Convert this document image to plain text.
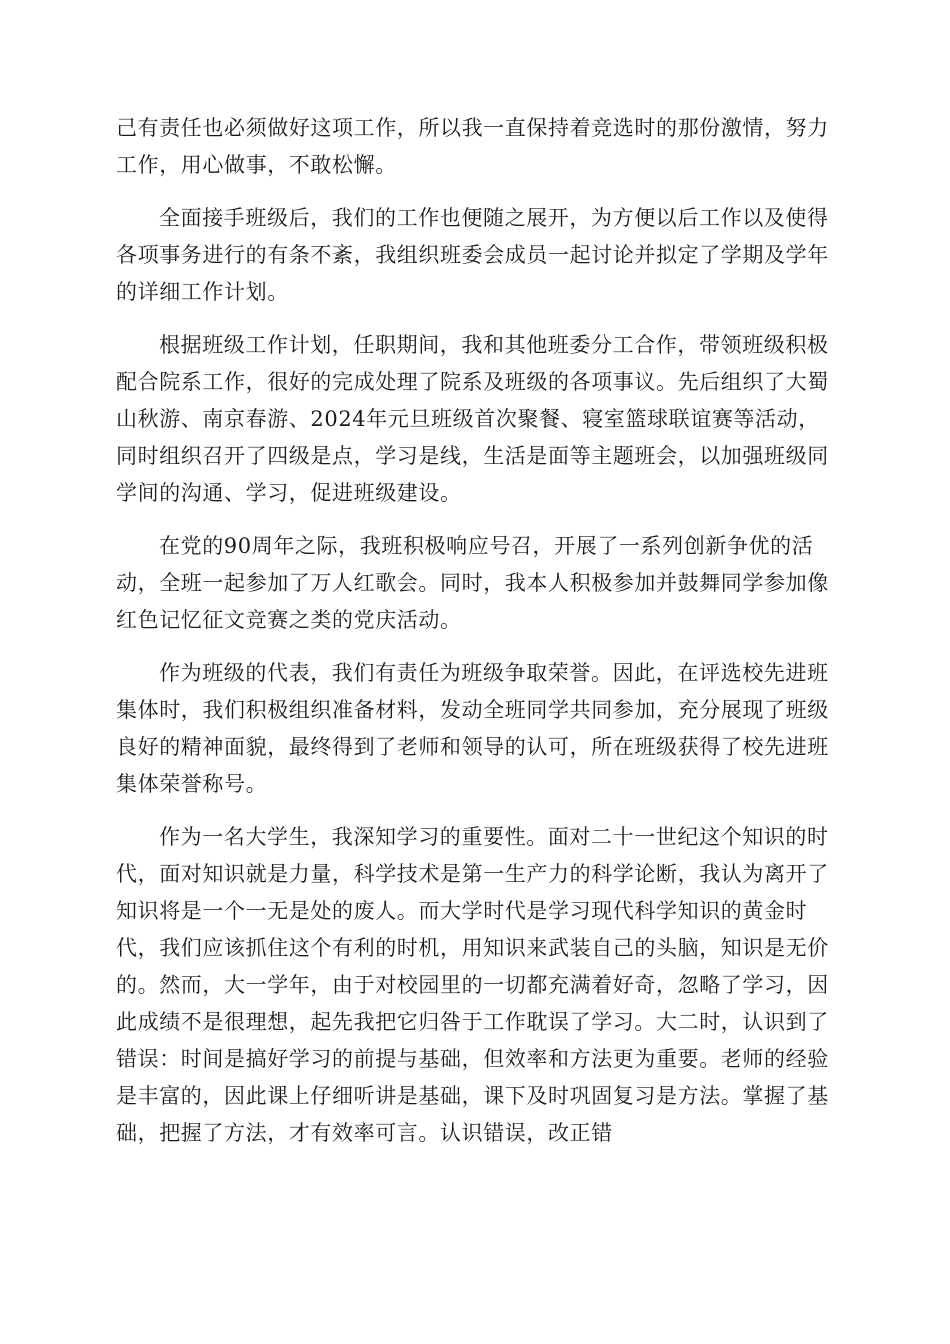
己有责任也必须做好这项工作，所以我一直保持着竞选时的那份激情，努力工作，用心做事，不敢松懈。

全面接手班级后，我们的工作也便随之展开，为方便以后工作以及使得各项事务进行的有条不紊，我组织班委会成员一起讨论并拟定了学期及学年的详细工作计划。

根据班级工作计划，任职期间，我和其他班委分工合作，带领班级积极配合院系工作，很好的完成处理了院系及班级的各项事议。先后组织了大蜀山秋游、南京春游、2024年元旦班级首次聚餐、寝室篮球联谊赛等活动，同时组织召开了四级是点，学习是线，生活是面等主题班会，以加强班级同学间的沟通、学习，促进班级建设。

在党的90周年之际，我班积极响应号召，开展了一系列创新争优的活动，全班一起参加了万人红歌会。同时，我本人积极参加并鼓舞同学参加像红色记忆征文竞赛之类的党庆活动。

作为班级的代表，我们有责任为班级争取荣誉。因此，在评选校先进班集体时，我们积极组织准备材料，发动全班同学共同参加，充分展现了班级良好的精神面貌，最终得到了老师和领导的认可，所在班级获得了校先进班集体荣誉称号。

作为一名大学生，我深知学习的重要性。面对二十一世纪这个知识的时代，面对知识就是力量，科学技术是第一生产力的科学论断，我认为离开了知识将是一个一无是处的废人。而大学时代是学习现代科学知识的黄金时代，我们应该抓住这个有利的时机，用知识来武装自己的头脑，知识是无价的。然而，大一学年，由于对校园里的一切都充满着好奇，忽略了学习，因此成绩不是很理想，起先我把它归咎于工作耽误了学习。大二时，认识到了错误：时间是搞好学习的前提与基础，但效率和方法更为重要。老师的经验是丰富的，因此课上仔细听讲是基础，课下及时巩固复习是方法。掌握了基础，把握了方法，才有效率可言。认识错误，改正错
